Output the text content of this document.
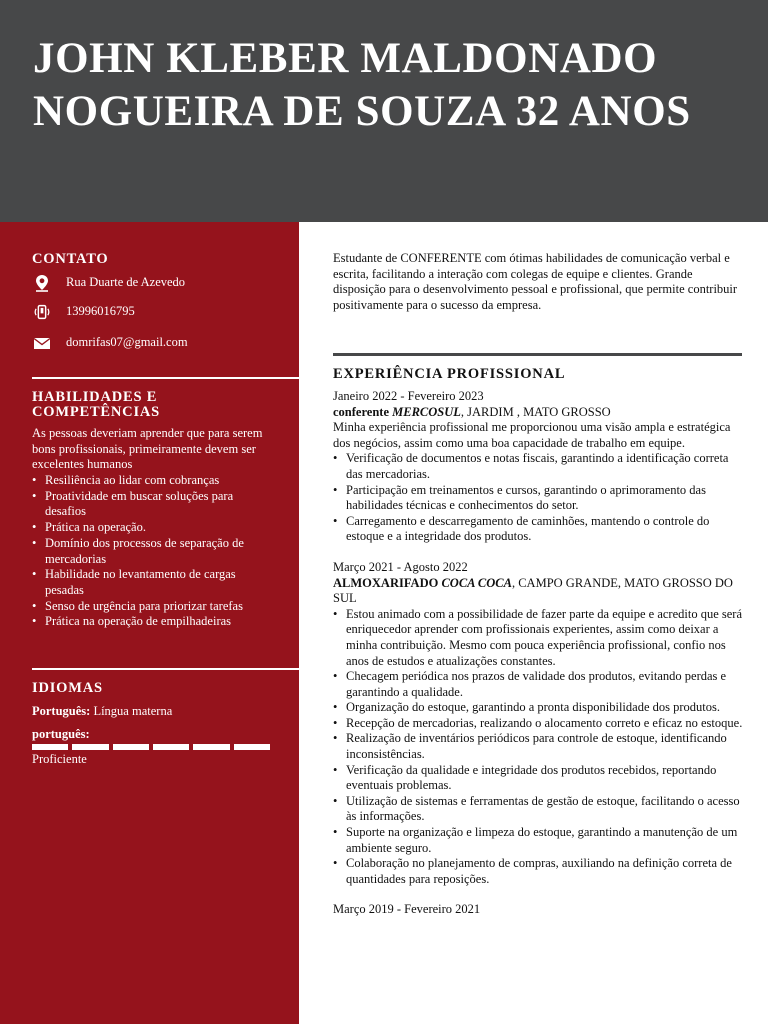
JOHN KLEBER MALDONADO NOGUEIRA DE SOUZA 32 ANOS
CONTATO
Rua Duarte de Azevedo
13996016795
domrifas07@gmail.com
HABILIDADES E COMPETÊNCIAS
As pessoas deveriam aprender que para serem bons profissionais, primeiramente devem ser excelentes humanos
• Resiliência ao lidar com cobranças
• Proatividade em buscar soluções para desafios
• Prática na operação.
• Domínio dos processos de separação de mercadorias
• Habilidade no levantamento de cargas pesadas
• Senso de urgência para priorizar tarefas
• Prática na operação de empilhadeiras
IDIOMAS
Português: Língua materna
português:
Proficiente
Estudante de CONFERENTE com ótimas habilidades de comunicação verbal e escrita, facilitando a interação com colegas de equipe e clientes. Grande disposição para o desenvolvimento pessoal e profissional, que permite contribuir positivamente para o sucesso da empresa.
EXPERIÊNCIA PROFISSIONAL
Janeiro 2022 - Fevereiro 2023
conferente MERCOSUL, JARDIM , MATO GROSSO
Minha experiência profissional me proporcionou uma visão ampla e estratégica dos negócios, assim como uma boa capacidade de trabalho em equipe.
• Verificação de documentos e notas fiscais, garantindo a identificação correta das mercadorias.
• Participação em treinamentos e cursos, garantindo o aprimoramento das habilidades técnicas e conhecimentos do setor.
• Carregamento e descarregamento de caminhões, mantendo o controle do estoque e a integridade dos produtos.
Março 2021 - Agosto 2022
ALMOXARIFADO COCA COCA, CAMPO GRANDE, MATO GROSSO DO SUL
• Estou animado com a possibilidade de fazer parte da equipe e acredito que será enriquecedor aprender com profissionais experientes, assim como deixar a minha contribuição. Mesmo com pouca experiência profissional, confio nos anos de estudos e atualizações constantes.
• Checagem periódica nos prazos de validade dos produtos, evitando perdas e garantindo a qualidade.
• Organização do estoque, garantindo a pronta disponibilidade dos produtos.
• Recepção de mercadorias, realizando o alocamento correto e eficaz no estoque.
• Realização de inventários periódicos para controle de estoque, identificando inconsistências.
• Verificação da qualidade e integridade dos produtos recebidos, reportando eventuais problemas.
• Utilização de sistemas e ferramentas de gestão de estoque, facilitando o acesso às informações.
• Suporte na organização e limpeza do estoque, garantindo a manutenção de um ambiente seguro.
• Colaboração no planejamento de compras, auxiliando na definição correta de quantidades para reposições.
Março 2019 - Fevereiro 2021
